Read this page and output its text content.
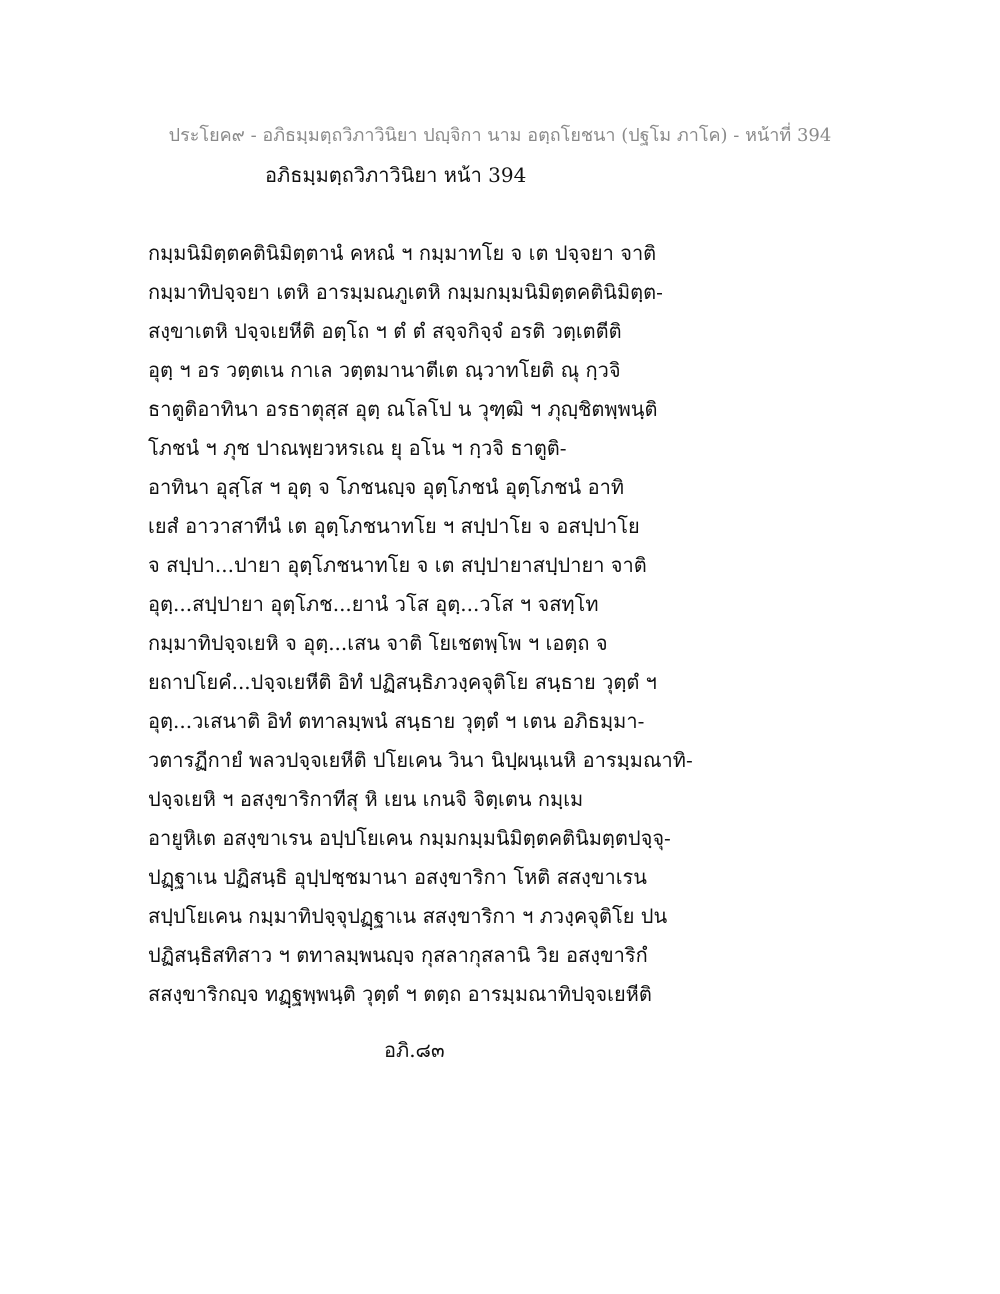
ประโยค๙ - อภิธมฺมตฺถวิภาวินิยา ปญฺจิกา นาม อตฺถโยชนา (ปฐโม ภาโค) - หน้าที่ 394
อภิธมฺมตฺถวิภาวินิยา หน้า 394
กมฺมนิมิตฺตคตินิมิตฺตานํ คหณํ ฯ กมฺมาทโย จ เต ปจฺจยา จาติ
กมฺมาทิปจฺจยา เตหิ อารมฺมณภูเตหิ กมฺมกมฺมนิมิตฺตคตินิมิตฺต-
สงฺขาเตหิ ปจฺจเยหีติ อตฺโถ ฯ ตํ ตํ สจฺจกิจฺจํ อรติ วตฺเตตีติ
อุตฺ ฯ อร วตฺตเน กาเล วตฺตมานาตีเต ณฺวาทโยติ ณุ กฺวจิ
ธาตูติอาทินา อรธาตุสฺส อุตฺ ณโลโป น วุฑฺฒิ ฯ ภุญฺชิตพฺพนฺติ
โภชนํ ฯ ภุช ปาณพฺยวหรเณ ยุ อโน ฯ กฺวจิ ธาตูติ-
อาทินา อุสฺโส ฯ อุตฺ จ โภชนญฺจ อุตฺโภชนํ อุตฺโภชนํ อาทิ
เยสํ อาวาสาทีนํ เต อุตฺโภชนาทโย ฯ สปฺปาโย จ อสปฺปาโย
จ สปฺปา...ปายา อุตฺโภชนาทโย จ เต สปฺปายาสปฺปายา จาติ
อุตฺ...สปฺปายา อุตฺโภช...ยานํ วโส อุตฺ...วโส ฯ จสทฺโท
กมฺมาทิปจฺจเยหิ จ อุตฺ...เสน จาติ โยเชตพฺโพ ฯ เอตฺถ จ
ยถาปโยคํ...ปจฺจเยหีติ อิทํ ปฏิสนฺธิภวงฺคจุติโย สนฺธาย วุตฺตํ ฯ
อุตฺ...วเสนาติ อิทํ ตทาลมฺพนํ สนฺธาย วุตฺตํ ฯ เตน อภิธมฺมา-
วตารฏีกายํ พลวปจฺจเยหีติ ปโยเคน วินา นิปฺผนฺเนหิ อารมฺมณาทิ-
ปจฺจเยหิ ฯ อสงฺขาริกาทีสุ หิ เยน เกนจิ จิตฺเตน กมฺเม
อายูหิเต อสงฺขาเรน อปฺปโยเคน กมฺมกมฺมนิมิตฺตคตินิมตฺตปจฺจุ-
ปฏฺฐาเน ปฏิสนฺธิ อุปฺปชฺชมานา อสงฺขาริกา โหติ สสงฺขาเรน
สปฺปโยเคน กมฺมาทิปจฺจุปฏฺฐาเน สสงฺขาริกา ฯ ภวงฺคจุติโย ปน
ปฏิสนฺธิสทิสาว ฯ ตทาลมฺพนญฺจ กุสลากุสลานิ วิย อสงฺขาริกํ
สสงฺขาริกญฺจ ทฏฺฐพฺพนฺติ วุตฺตํ ฯ ตตฺถ อารมฺมณาทิปจฺจเยหีติ
อภิ.๘๓
